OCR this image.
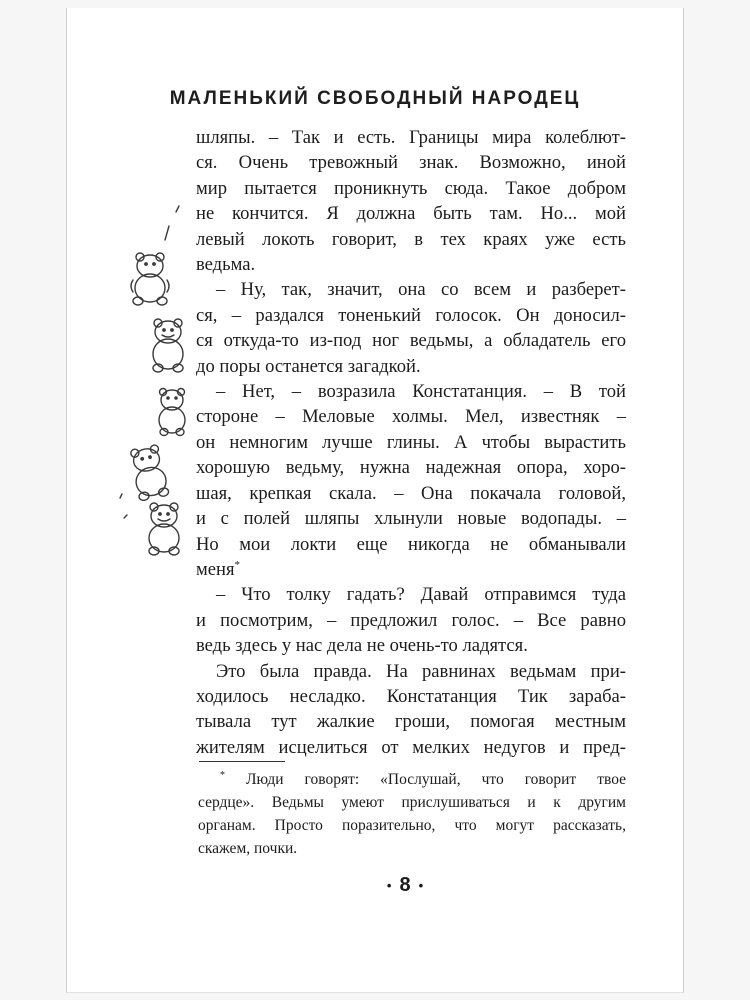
МАЛЕНЬКИЙ СВОБОДНЫЙ НАРОДЕЦ

шляпы. – Так и есть. Границы мира колеблют-

ся. Очень тревожный знак. Возможно, иной

мир пытается проникнуть сюда. Такое добром

не кончится. Я должна быть там. Но... мой

левый локоть говорит, в тех краях уже есть

ведьма.

– Ну, так, значит, она со всем и разберет-

ся, – раздался тоненький голосок. Он доносил-

ся откуда-то из-под ног ведьмы, а обладатель его

до поры останется загадкой.

– Нет, – возразила Констатанция. – В той

стороне – Меловые холмы. Мел, известняк –

он немногим лучше глины. А чтобы вырастить

хорошую ведьму, нужна надежная опора, хоро-

шая, крепкая скала. – Она покачала головой,

и с полей шляпы хлынули новые водопады. –

Но мои локти еще никогда не обманывали

меня*

– Что толку гадать? Давай отправимся туда

и посмотрим, – предложил голос. – Все равно

ведь здесь у нас дела не очень-то ладятся.

Это была правда. На равнинах ведьмам при-

ходилось несладко. Констатанция Тик зараба-

тывала тут жалкие гроши, помогая местным

жителям исцелиться от мелких недугов и пред-

* Люди говорят: «Послушай, что говорит твое

сердце». Ведьмы умеют прислушиваться и к другим

органам. Просто поразительно, что могут рассказать,

скажем, почки.

• 8 •
